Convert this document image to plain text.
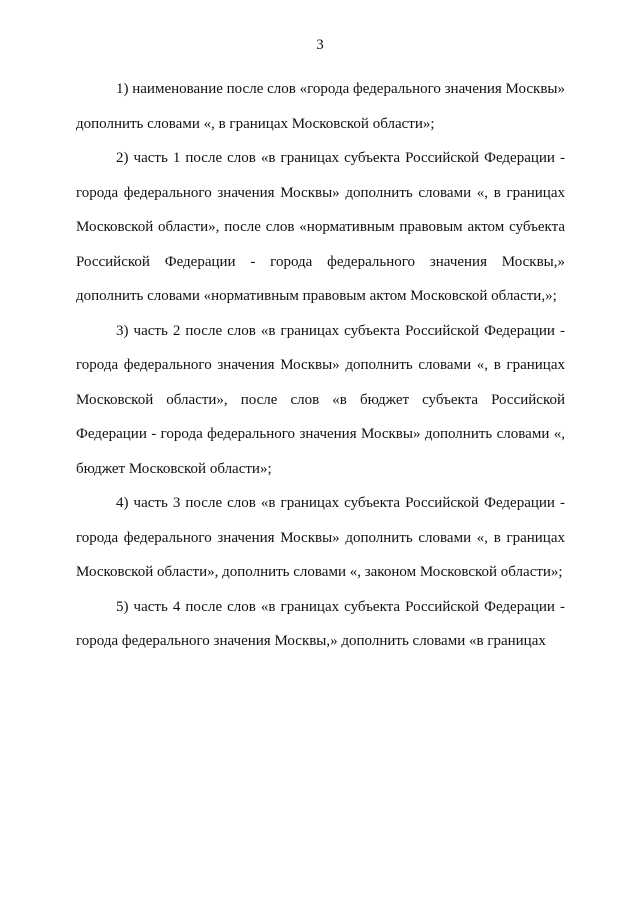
3

1) наименование после слов «города федерального значения Москвы» дополнить словами «, в границах Московской области»;

2) часть 1 после слов «в границах субъекта Российской Федерации - города федерального значения Москвы» дополнить словами «, в границах Московской области», после слов «нормативным правовым актом субъекта Российской Федерации - города федерального значения Москвы,» дополнить словами «нормативным правовым актом Московской области,»;

3) часть 2 после слов «в границах субъекта Российской Федерации - города федерального значения Москвы» дополнить словами «, в границах Московской области», после слов «в бюджет субъекта Российской Федерации - города федерального значения Москвы» дополнить словами «, бюджет Московской области»;

4) часть 3 после слов «в границах субъекта Российской Федерации - города федерального значения Москвы» дополнить словами «, в границах Московской области», дополнить словами «, законом Московской области»;

5) часть 4 после слов «в границах субъекта Российской Федерации - города федерального значения Москвы,» дополнить словами «в границах
